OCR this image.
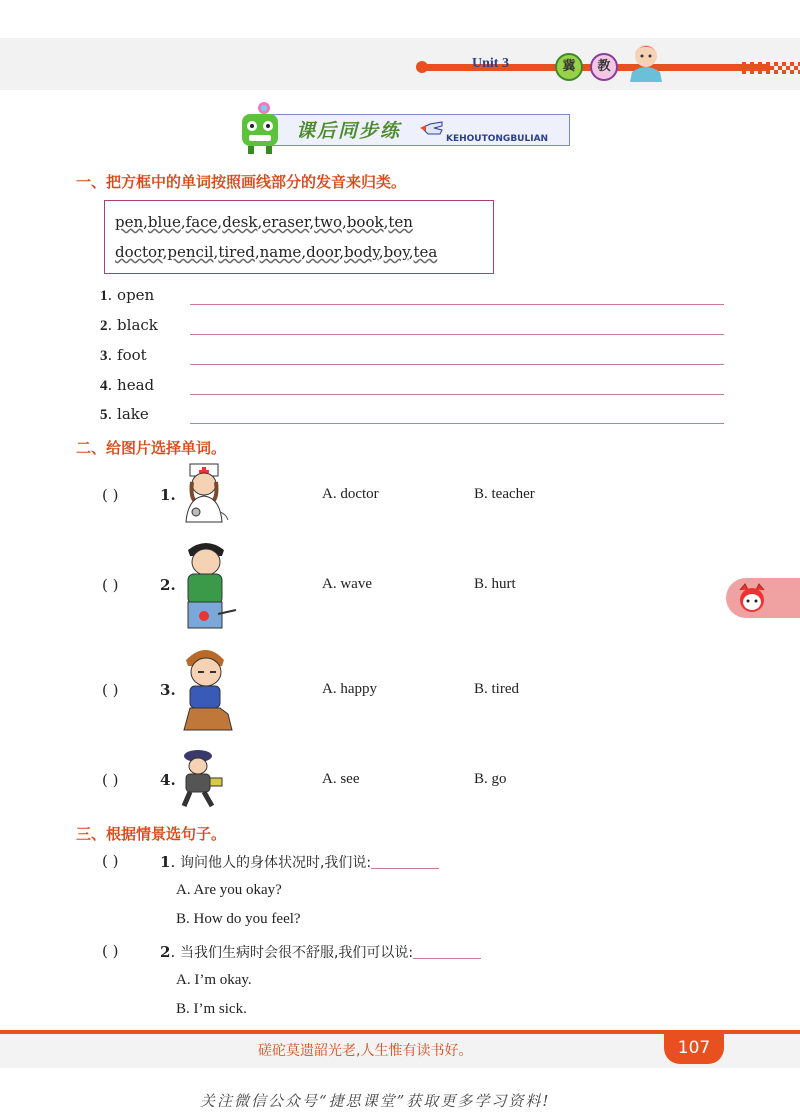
Unit 3	冀	教
课后同步练	KEHOUTONGBULIAN
一、把方框中的单词按照画线部分的发音来归类。
pen,blue,face,desk,eraser,two,book,ten
doctor,pencil,tired,name,door,body,boy,tea
1. open
2. black
3. foot
4. head
5. lake
二、给图片选择单词。
( )	1.	A. doctor	B. teacher
( )	2.	A. wave	B. hurt
( )	3.	A. happy	B. tired
( )	4.	A. see	B. go
三、根据情景选句子。
( )	1. 询问他人的身体状况时,我们说:
A. Are you okay?
B. How do you feel?
( )	2. 当我们生病时会很不舒服,我们可以说:
A. I’m okay.
B. I’m sick.
磋砣莫遗韶光老,人生惟有读书好。	107
关注微信公众号“捷思课堂”获取更多学习资料!
